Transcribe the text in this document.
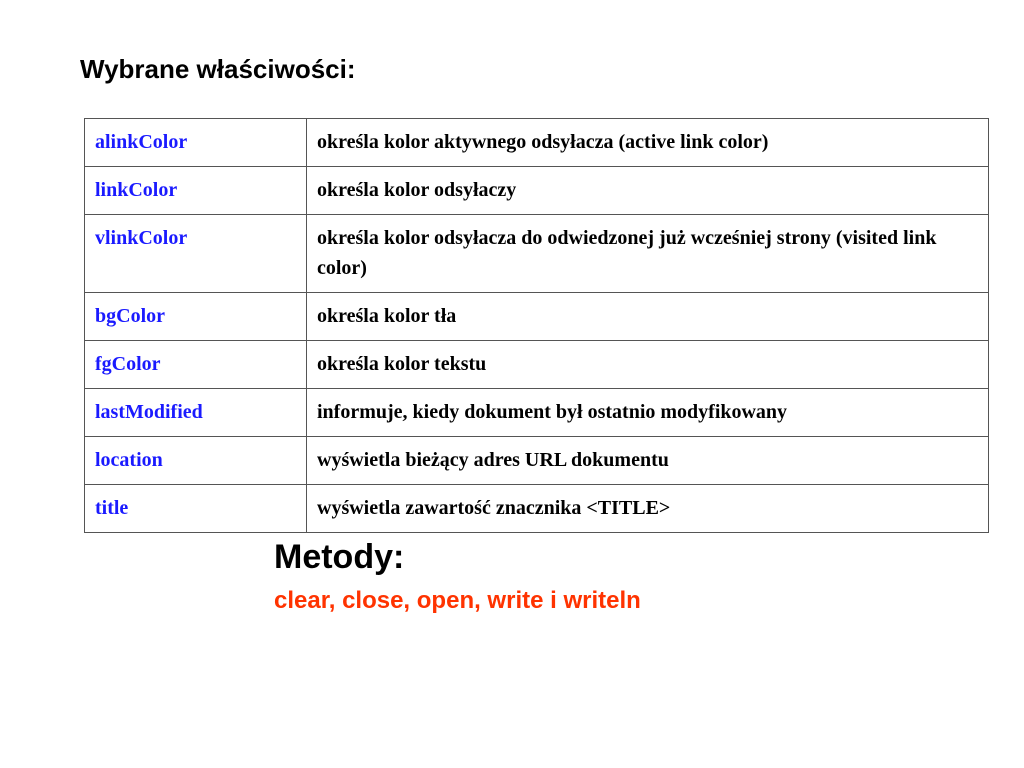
Wybrane właściwości:
alinkColor	określa kolor aktywnego odsyłacza (active link color)
linkColor	określa kolor odsyłaczy
vlinkColor	określa kolor odsyłacza do odwiedzonej już wcześniej strony (visited link color)
bgColor	określa kolor tła
fgColor	określa kolor tekstu
lastModified	informuje, kiedy dokument był ostatnio modyfikowany
location	wyświetla bieżący adres URL dokumentu
title	wyświetla zawartość znacznika <TITLE>
Metody:

clear, close, open, write i writeln
